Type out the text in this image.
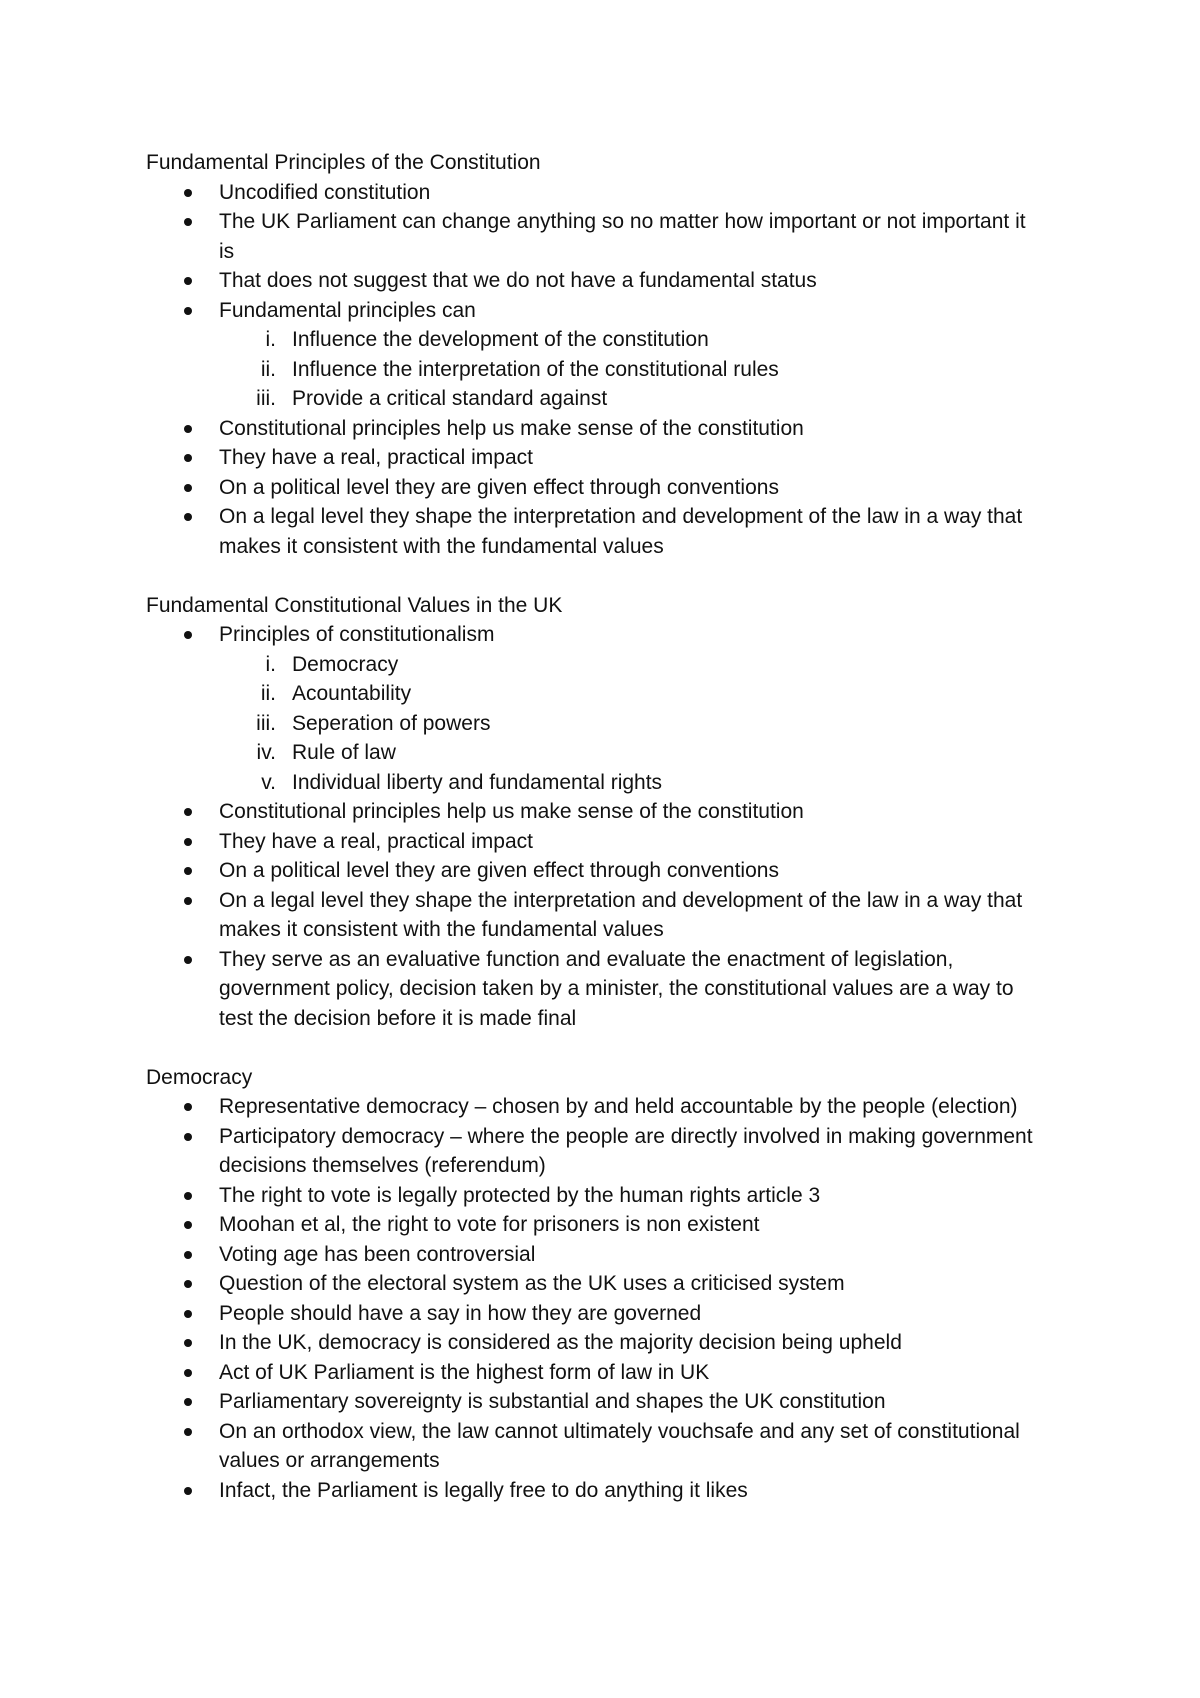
Fundamental Principles of the Constitution
Uncodified constitution
The UK Parliament can change anything so no matter how important or not important it is
That does not suggest that we do not have a fundamental status
Fundamental principles can
i. Influence the development of the constitution
ii. Influence the interpretation of the constitutional rules
iii. Provide a critical standard against
Constitutional principles help us make sense of the constitution
They have a real, practical impact
On a political level they are given effect through conventions
On a legal level they shape the interpretation and development of the law in a way that makes it consistent with the fundamental values
Fundamental Constitutional Values in the UK
Principles of constitutionalism
i. Democracy
ii. Acountability
iii. Seperation of powers
iv. Rule of law
v. Individual liberty and fundamental rights
Constitutional principles help us make sense of the constitution
They have a real, practical impact
On a political level they are given effect through conventions
On a legal level they shape the interpretation and development of the law in a way that makes it consistent with the fundamental values
They serve as an evaluative function and evaluate the enactment of legislation, government policy, decision taken by a minister, the constitutional values are a way to test the decision before it is made final
Democracy
Representative democracy – chosen by and held accountable by the people (election)
Participatory democracy – where the people are directly involved in making government decisions themselves (referendum)
The right to vote is legally protected by the human rights article 3
Moohan et al, the right to vote for prisoners is non existent
Voting age has been controversial
Question of the electoral system as the UK uses a criticised system
People should have a say in how they are governed
In the UK, democracy is considered as the majority decision being upheld
Act of UK Parliament is the highest form of law in UK
Parliamentary sovereignty is substantial and shapes the UK constitution
On an orthodox view, the law cannot ultimately vouchsafe and any set of constitutional values or arrangements
Infact, the Parliament is legally free to do anything it likes
